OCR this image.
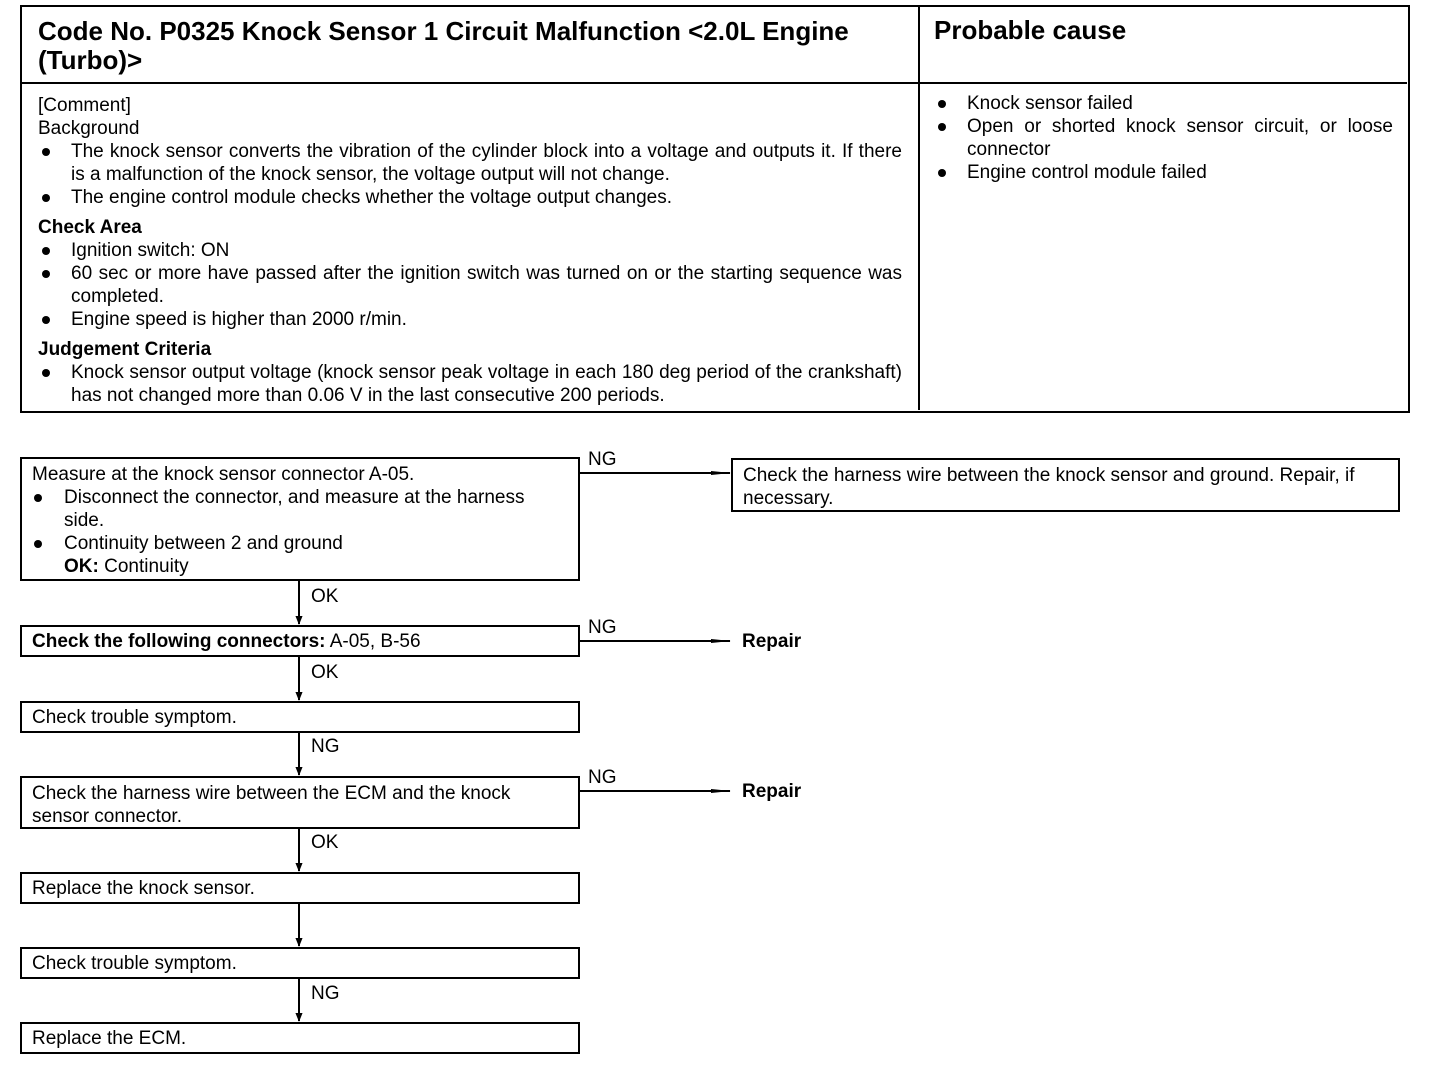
Code No. P0325 Knock Sensor 1 Circuit Malfunction <2.0L Engine (Turbo)>

Probable cause

[Comment]
Background
The knock sensor converts the vibration of the cylinder block into a voltage and outputs it. If there is a malfunction of the knock sensor, the voltage output will not change.
The engine control module checks whether the voltage output changes.
Check Area
Ignition switch: ON
60 sec or more have passed after the ignition switch was turned on or the starting sequence was completed.
Engine speed is higher than 2000 r/min.
Judgement Criteria
Knock sensor output voltage (knock sensor peak voltage in each 180 deg period of the crankshaft) has not changed more than 0.06 V in the last consecutive 200 periods.
Knock sensor failed
Open or shorted knock sensor circuit, or loose connector
Engine control module failed
Measure at the knock sensor connector A-05.
Disconnect the connector, and measure at the harness side.
Continuity between 2 and ground
OK: Continuity
Check the harness wire between the knock sensor and ground. Repair, if necessary.
Check the following connectors: A-05, B-56
Check trouble symptom.
Check the harness wire between the ECM and the knock sensor connector.
Replace the knock sensor.
Check trouble symptom.
Replace the ECM.
NG
OK
NG
OK
NG
NG
OK
NG
Repair
Repair
